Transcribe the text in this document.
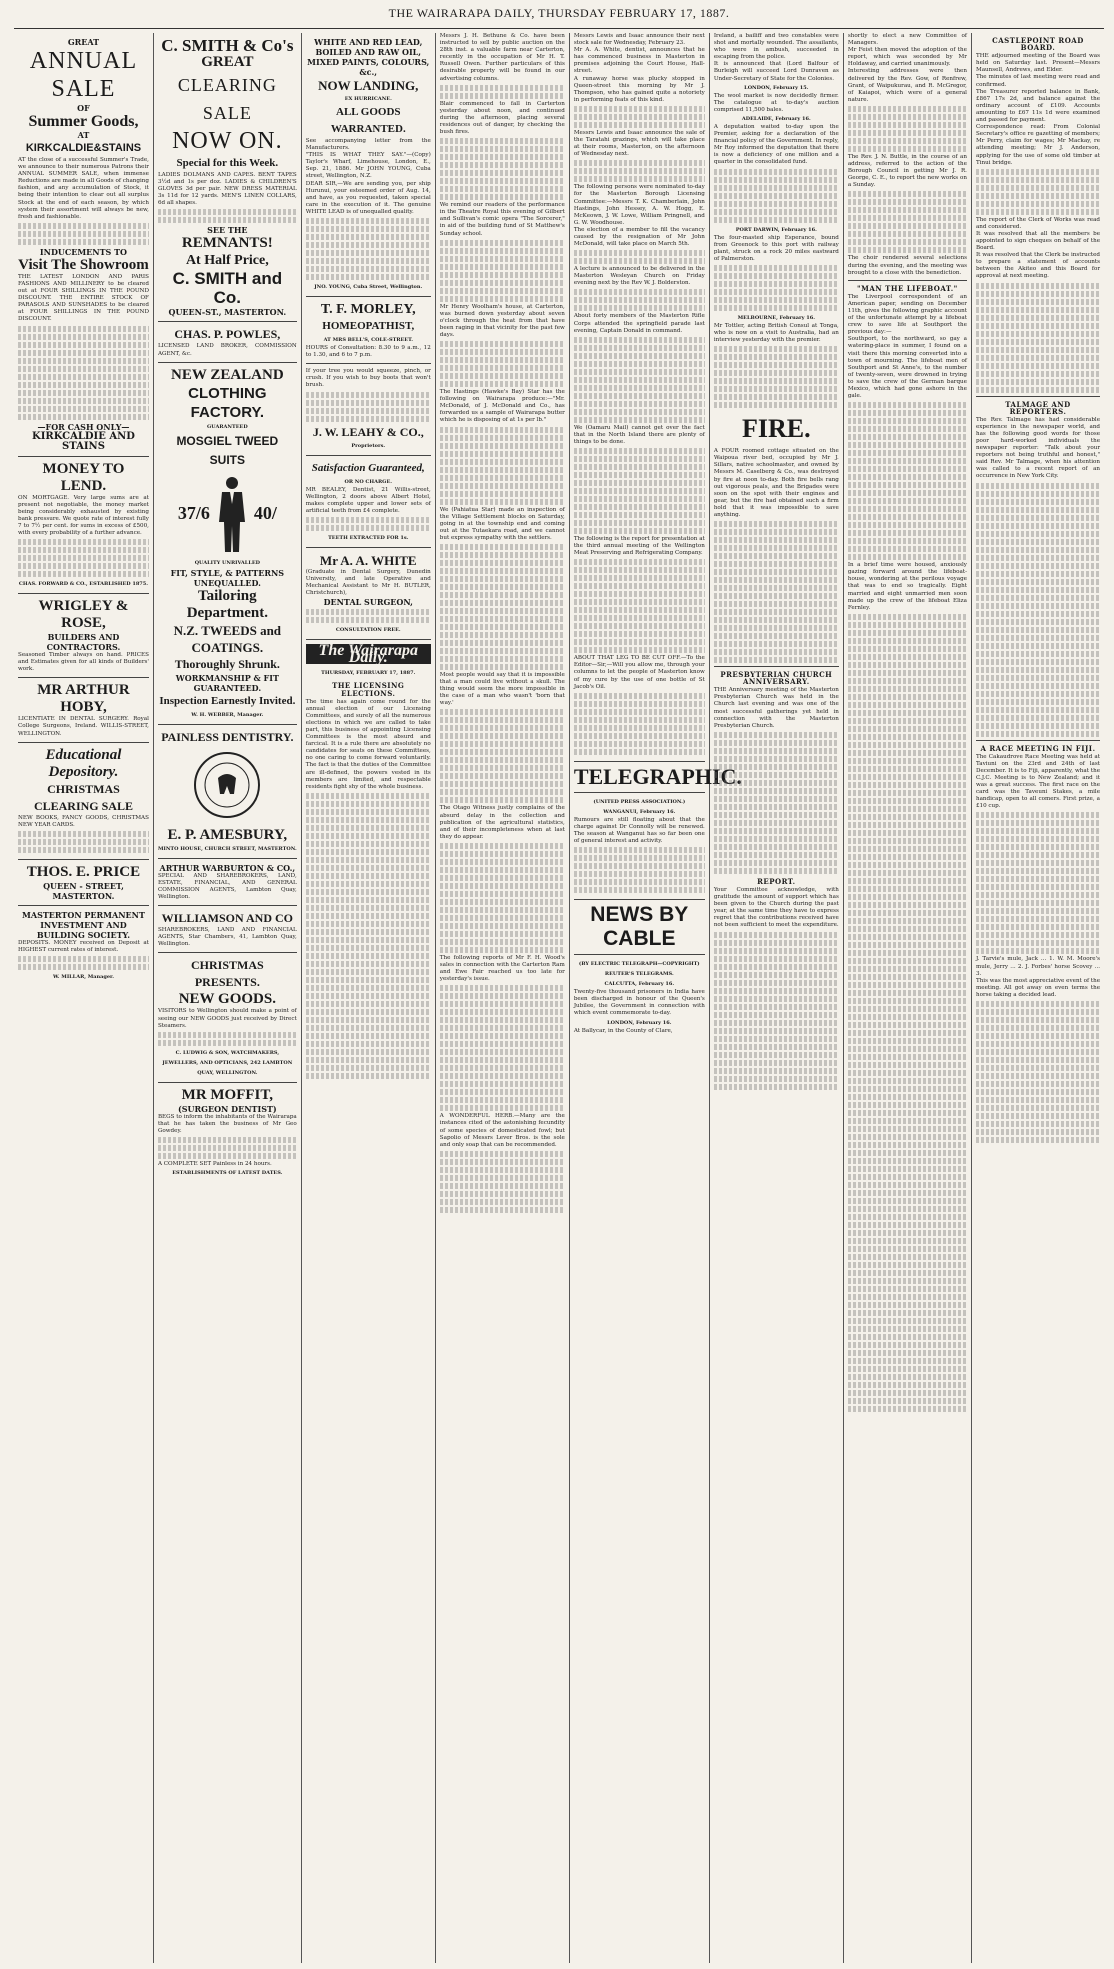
THE WAIRARAPA DAILY, THURSDAY FEBRUARY 17, 1887.
GREAT
ANNUAL SALE
OF
Summer Goods,
AT
KIRKCALDIE&STAINS

AT the close of a successful Summer's Trade, we announce to their numerous Patrons their ANNUAL SUMMER SALE, when immense Reductions are made in all Goods of changing fashion, and any accumulation of Stock, it being their intention to clear out all surplus Stock at the end of each season, by which system their assortment will always be new, fresh and fashionable.

INDUCEMENTS TO
Visit The Showroom

THE LATEST LONDON AND PARIS FASHIONS AND MILLINERY to be cleared out at FOUR SHILLINGS IN THE POUND DISCOUNT. THE ENTIRE STOCK OF PARASOLS AND SUNSHADES to be cleared at FOUR SHILLINGS IN THE POUND DISCOUNT.

—FOR CASH ONLY—
KIRKCALDIE AND STAINS
MONEY TO LEND.

ON MORTGAGE. Very large sums are at present not negotiable, the money market being considerably exhausted by existing bank pressure. We quote rate of interest fully 7 to 7½ per cent. for sums in excess of £500, with every probability of a further advance.

CHAS. FORWARD & CO., ESTABLISHED 1875.
WRIGLEY & ROSE,
BUILDERS AND CONTRACTORS.

Seasoned Timber always on hand. PRICES and Estimates given for all kinds of Builders' work.

MR ARTHUR HOBY,

LICENTIATE IN DENTAL SURGERY. Royal College Surgeons, Ireland. WILLIS-STREET, WELLINGTON.

Educational Depository.
CHRISTMAS CLEARING SALE

NEW BOOKS, FANCY GOODS, CHRISTMAS NEW YEAR CARDS.

THOS. E. PRICE
QUEEN - STREET, MASTERTON.
MASTERTON PERMANENT INVESTMENT AND BUILDING SOCIETY.

DEPOSITS. MONEY received on Deposit at HIGHEST current rates of interest.

W. MILLAR, Manager.
C. SMITH & Co's
GREAT
CLEARING SALE
NOW ON.
Special for this Week.

LADIES DOLMANS AND CAPES. BENT TAPES 3½d and 1s per doz. LADIES & CHILDREN'S GLOVES 3d per pair. NEW DRESS MATERIAL 3s 11d for 12 yards. MEN'S LINEN COLLARS, 6d all shapes.

SEE THE
REMNANTS!
At Half Price,
C. SMITH and Co.
QUEEN-ST., MASTERTON.
CHAS. P. POWLES,

LICENSED LAND BROKER, COMMISSION AGENT, &c.

NEW ZEALAND
CLOTHING FACTORY.
GUARANTEED
MOSGIEL TWEED SUITS
37/6 40/
QUALITY UNRIVALLED
FIT, STYLE, & PATTERNS
UNEQUALLED.
Tailoring Department.
N.Z. TWEEDS and COATINGS.
Thoroughly Shrunk.
WORKMANSHIP & FIT GUARANTEED.
Inspection Earnestly Invited.
W. H. WEBBER, Manager.
PAINLESS DENTISTRY.
E. P. AMESBURY,
MINTO HOUSE, CHURCH STREET, MASTERTON.
ARTHUR WARBURTON & CO.,

SPECIAL AND SHAREBROKERS, LAND, ESTATE, FINANCIAL, AND GENERAL COMMISSION AGENTS, Lambton Quay, Wellington.

WILLIAMSON AND CO

SHAREBROKERS, LAND AND FINANCIAL AGENTS, Star Chambers, 41, Lambton Quay, Wellington.

CHRISTMAS PRESENTS.
NEW GOODS.

VISITORS to Wellington should make a point of seeing our NEW GOODS just received by Direct Steamers.

C. LUDWIG & SON, WATCHMAKERS, JEWELLERS, AND OPTICIANS, 242 LAMBTON QUAY, WELLINGTON.
MR MOFFIT,
(SURGEON DENTIST)

BEGS to inform the inhabitants of the Wairarapa that he has taken the business of Mr Geo Gowdey.

A COMPLETE SET Painless in 24 hours.

ESTABLISHMENTS OF LATEST DATES.
WHITE AND RED LEAD,
BOILED AND RAW OIL,
MIXED PAINTS, COLOURS, &c.,
NOW LANDING,
EX HURRICANE.
ALL GOODS WARRANTED.

See accompanying letter from the Manufacturers.

"THIS IS WHAT THEY SAY."—(Copy) Taylor's Wharf, Limehouse, London, E., Sep. 21, 1886. Mr JOHN YOUNG, Cuba street, Wellington, N.Z.

DEAR SIR,—We are sending you, per ship Hurunui, your esteemed order of Aug. 14, and have, as you requested, taken special care in the execution of it. The genuine WHITE LEAD is of unequalled quality.

JNO. YOUNG, Cuba Street, Wellington.
T. F. MORLEY,
HOMEOPATHIST,
AT MRS BELL'S, COLE-STREET.

HOURS of Consultation: 8.30 to 9 a.m., 12 to 1.30, and 6 to 7 p.m.

If your tree you would squeeze, pinch, or crush. If you wish to buy boots that won't brush.

J. W. LEAHY & CO.,
Proprietors.
Satisfaction Guaranteed,
OR NO CHARGE.

MR BEALEY, Dentist, 21 Willis-street, Wellington, 2 doors above Albert Hotel, makes complete upper and lower sets of artificial teeth from £4 complete.

TEETH EXTRACTED FOR 1s.
Mr A. A. WHITE

(Graduate in Dental Surgery, Dunedin University, and late Operative and Mechanical Assistant to Mr H. BUTLER, Christchurch),

DENTAL SURGEON,
CONSULTATION FREE.
The Wairarapa Daily.
THURSDAY, FEBRUARY 17, 1887.
THE LICENSING ELECTIONS.

The time has again come round for the annual election of our Licensing Committees, and surely of all the numerous elections in which we are called to take part, this business of appointing Licensing Committees is the most absurd and farcical. It is a rule there are absolutely no candidates for seats on these Committees, no one caring to come forward voluntarily. The fact is that the duties of the Committee are ill-defined, the powers vested in its members are limited, and respectable residents fight shy of the whole business.

Messrs J. H. Bethune & Co. have been instructed to sell by public auction on the 28th inst. a valuable farm near Carterton, recently in the occupation of Mr H. T. Russell Owen. Further particulars of this desirable property will be found in our advertising columns.

Blair commenced to fall in Carterton yesterday about noon, and continued during the afternoon, placing several residences out of danger, by checking the bush fires.

We remind our readers of the performance in the Theatre Royal this evening of Gilbert and Sullivan's comic opera "The Sorcerer," in aid of the building fund of St Matthew's Sunday school.

Mr Henry Woolham's house, at Carterton, was burned down yesterday about seven o'clock through the heat from that have been raging in that vicinity for the past few days.

The Hastings (Hawke's Bay) Star has the following on Wairarapa produce:—"Mr. McDonald, of J. McDonald and Co., has forwarded us a sample of Wairarapa butter which he is disposing of at 1s per lb."

We (Pahiatua Star) made an inspection of the Village Settlement blocks on Saturday, going in at the township end and coming out at the Tutaekara road, and we cannot but express sympathy with the settlers.

Most people would say that it is impossible that a man could live without a skull. The thing would seem the more impossible in the case of a man who wasn't 'born that way.'

The Otago Witness justly complains of the absurd delay in the collection and publication of the agricultural statistics, and of their incompleteness when at last they do appear.

The following reports of Mr F. H. Wood's sales in connection with the Carterton Ram and Ewe Fair reached us too late for yesterday's issue.

A WONDERFUL HERB.—Many are the instances cited of the astonishing fecundity of some species of domesticated fowl; but Sapolio of Messrs Lever Bros. is the sole and only soap that can be recommended.

Messrs Lewis and Isaac announce their next stock sale for Wednesday, February 23.

Mr A. A. White, dentist, announces that he has commenced business in Masterton in premises adjoining the Court House, Hall-street.

A runaway horse was plucky stopped in Queen-street this morning by Mr J. Thompson, who has gained quite a notoriety in performing feats of this kind.

Messrs Lewis and Isaac announce the sale of the Taratahi grazings, which will take place at their rooms, Masterton, on the afternoon of Wednesday next.

The following persons were nominated to-day for the Masterton Borough Licensing Committee:—Messrs T. K. Chamberlain, John Hastings, John Hessey, A. W. Hogg, E. McKeown, J. W. Lowe, William Pringnell, and G. W. Woodhouse.

The election of a member to fill the vacancy caused by the resignation of Mr John McDonald, will take place on March 5th.

A lecture is announced to be delivered in the Masterton Wesleyan Church on Friday evening next by the Rev W. J. Bolderston.

About forty members of the Masterton Rifle Corps attended the springfield parade last evening, Captain Donald in command.

We (Oamaru Mail) cannot get over the fact that in the North Island there are plenty of things to be done.

The following is the report for presentation at the third annual meeting of the Wellington Meat Preserving and Refrigerating Company.

ABOUT THAT LEG TO BE CUT OFF.—To the Editor—Sir,—Will you allow me, through your columns to let the people of Masterton know of my cure by the use of one bottle of St Jacob's Oil.

TELEGRAPHIC.
(UNITED PRESS ASSOCIATION.)
WANGANUI, February 16.

Rumours are still floating about that the charge against Dr Connolly will be renewed. The season at Wanganui has so far been one of general interest and activity.

NEWS BY CABLE
(BY ELECTRIC TELEGRAPH—COPYRIGHT)
REUTER'S TELEGRAMS.
CALCUTTA, February 16.

Twenty-five thousand prisoners in India have been discharged in honour of the Queen's Jubilee, the Government in connection with which event commemorate to-day.

LONDON, February 16.

At Ballycar, in the County of Clare,

Ireland, a bailiff and two constables were shot and mortally wounded. The assailants, who were in ambush, succeeded in escaping from the police.

It is announced that (Lord Balfour of Burleigh will succeed Lord Dunraven as Under-Secretary of State for the Colonies.

LONDON, February 15.

The wool market is now decidedly firmer. The catalogue at to-day's auction comprised 11,500 bales.

ADELAIDE, February 16.

A deputation waited to-day upon the Premier, asking for a declaration of the financial policy of the Government. In reply, Mr Roy informed the deputation that there is now a deficiency of one million and a quarter in the consolidated fund.

PORT DARWIN, February 16.

The four-masted ship Esperance, bound from Greenock to this port with railway plant, struck on a rock 20 miles eastward of Palmerston.

MELBOURNE, February 16.

Mr Tottler, acting British Consul at Tonga, who is now on a visit to Australia, had an interview yesterday with the premier.

FIRE.

A FOUR roomed cottage situated on the Waipoua river bed, occupied by Mr J. Sillars, native schoolmaster, and owned by Messrs M. Caselberg & Co., was destroyed by fire at noon to-day. Both fire bells rang out vigorous peals, and the Brigades were soon on the spot with their engines and gear, but the fire had obtained such a firm hold that it was impossible to save anything.

PRESBYTERIAN CHURCH ANNIVERSARY.

THE Anniversary meeting of the Masterton Presbyterian Church was held in the Church last evening and was one of the most successful gatherings yet held in connection with the Masterton Presbyterian Church.

REPORT.

Your Committee acknowledge, with gratitude the amount of support which has been given to the Church during the past year, at the same time they have to express regret that the contributions received have not been sufficient to meet the expenditure.

shortly to elect a new Committee of Managers.

Mr Feist then moved the adoption of the report, which was seconded by Mr Holdaway, and carried unanimously.

Interesting addresses were then delivered by the Rev. Gow, of Renfrew, Grant, of Waipukurau, and R. McGregor, of Kaiapoi, which were of a general nature.

The Rev. J. N. Buttle, in the course of an address, referred to the action of the Borough Council in getting Mr J. R. George, C. E., to report the new works on a Sunday.

The choir rendered several selections during the evening, and the meeting was brought to a close with the benediction.

"MAN THE LIFEBOAT."

The Liverpool correspondent of an American paper, sending on December 11th, gives the following graphic account of the unfortunate attempt by a lifeboat crew to save life at Southport the previous day:—

Southport, to the northward, so gay a watering-place in summer, I found on a visit there this morning converted into a town of mourning. The lifeboat men of Southport and St Anne's, to the number of twenty-seven, were drowned in trying to save the crew of the German barque Mexico, which had gone ashore in the gale.

In a brief time were housed, anxiously gazing forward around the lifeboat-house, wondering at the perilous voyage that was to end so tragically. Eight married and eight unmarried men soon made up the crew of the lifeboat Eliza Fernley.

CASTLEPOINT ROAD BOARD.

THE adjourned meeting of the Board was held on Saturday last. Present—Messrs Maunsell, Andrews, and Elder.

The minutes of last meeting were read and confirmed.

The Treasurer reported balance in Bank, £867 17s 2d, and balance against the ordinary account of £109. Accounts amounting to £67 11s 1d were examined and passed for payment.

Correspondence read: From Colonial Secretary's office re gazetting of members; Mr Perry, claim for wages; Mr Mackay, re attending meeting; Mr J. Anderson, applying for the use of some old timber at Tinui bridge.

The report of the Clerk of Works was read and considered.

It was resolved that all the members be appointed to sign cheques on behalf of the Board.

It was resolved that the Clerk be instructed to prepare a statement of accounts between the Akiteo and this Board for approval at next meeting.

TALMAGE AND REPORTERS.

The Rev. Talmage has had considerable experience in the newspaper world, and has the following good words for those poor hard-worked individuals the newspaper reporter: "Talk about your reporters not being truthful and honest," said Rev. Mr Talmage, when his attention was called to a recent report of an occurrence in New York City.

A RACE MEETING IN FIJI.

The Cakaudrove Race Meeting was held at Taviuni on the 23rd and 24th of last December. It is to Fiji, apparently, what the C.J.C. Meeting is to New Zealand; and it was a great success. The first race on the card was the Taveuni Stakes, a mile handicap, open to all comers. First prize, a £10 cup.

J. Tarvie's mule, Jack ... 1. W. M. Moore's mule, Jerry ... 2. J. Forbes' horse Scovey ... 3.

This was the most appreciative event of the meeting. All got away on even terms the horse taking a decided lead.
